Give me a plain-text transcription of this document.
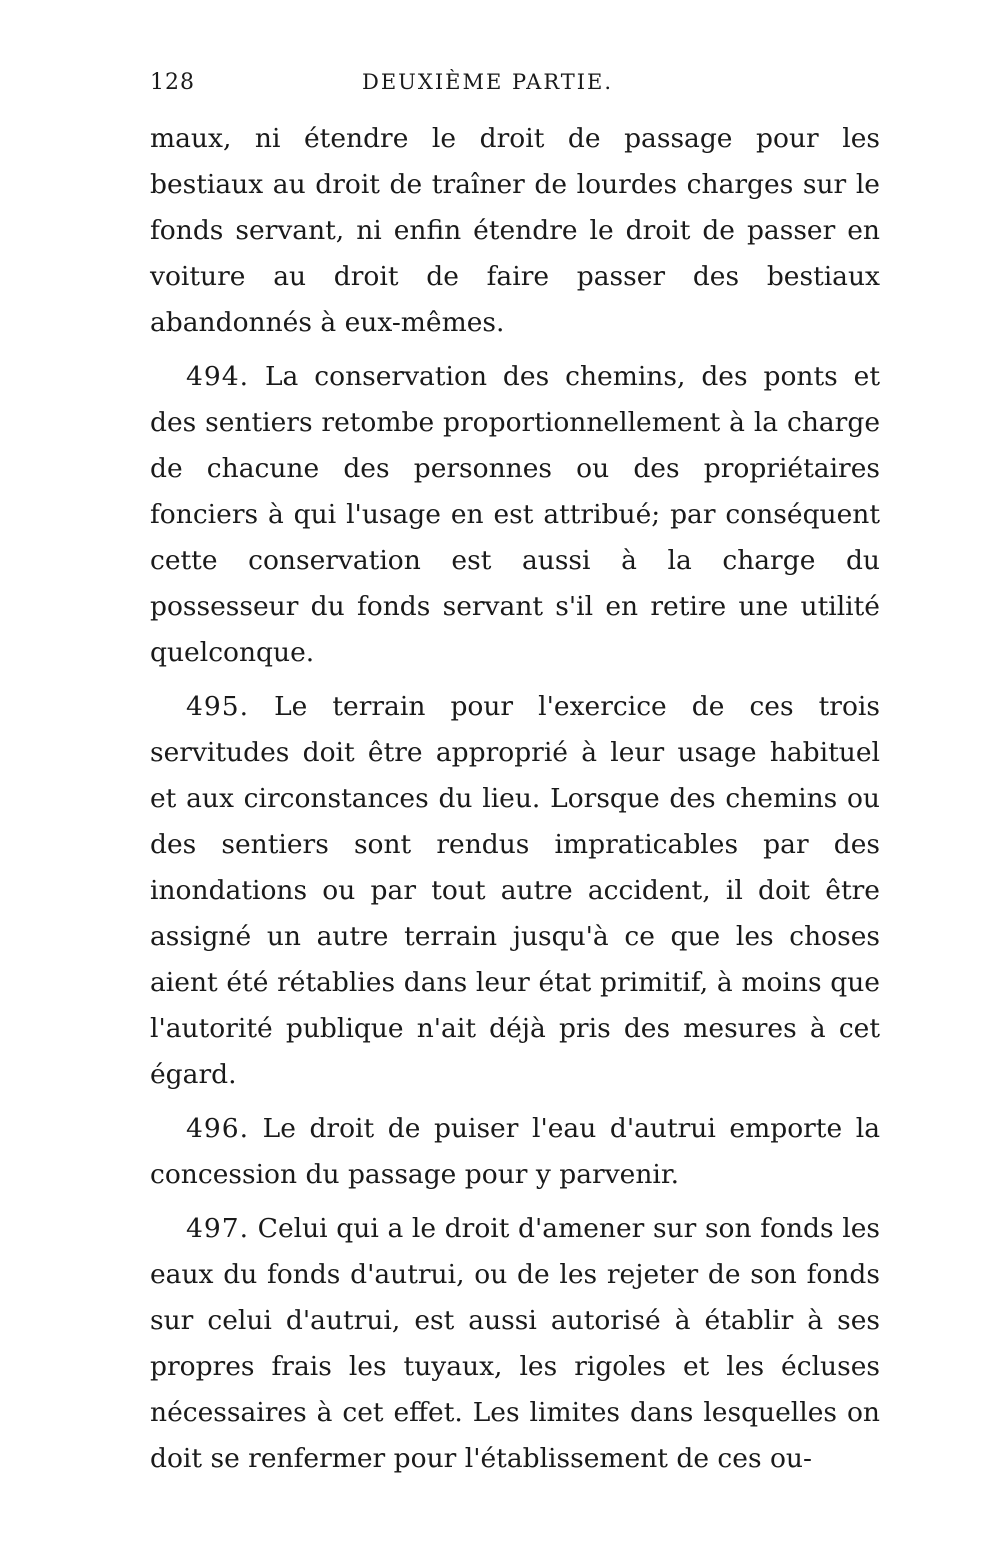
128	DEUXIÈME PARTIE.

maux, ni étendre le droit de passage pour les bestiaux au droit de traîner de lourdes charges sur le fonds servant, ni enfin étendre le droit de passer en voiture au droit de faire passer des bestiaux abandonnés à eux-mêmes.

494. La conservation des chemins, des ponts et des sentiers retombe proportionnellement à la charge de chacune des personnes ou des propriétaires fonciers à qui l'usage en est attribué; par conséquent cette conservation est aussi à la charge du possesseur du fonds servant s'il en retire une utilité quelconque.

495. Le terrain pour l'exercice de ces trois servitudes doit être approprié à leur usage habituel et aux circonstances du lieu. Lorsque des chemins ou des sentiers sont rendus impraticables par des inondations ou par tout autre accident, il doit être assigné un autre terrain jusqu'à ce que les choses aient été rétablies dans leur état primitif, à moins que l'autorité publique n'ait déjà pris des mesures à cet égard.

496. Le droit de puiser l'eau d'autrui emporte la concession du passage pour y parvenir.

497. Celui qui a le droit d'amener sur son fonds les eaux du fonds d'autrui, ou de les rejeter de son fonds sur celui d'autrui, est aussi autorisé à établir à ses propres frais les tuyaux, les rigoles et les écluses nécessaires à cet effet. Les limites dans lesquelles on doit se renfermer pour l'établissement de ces ou-
